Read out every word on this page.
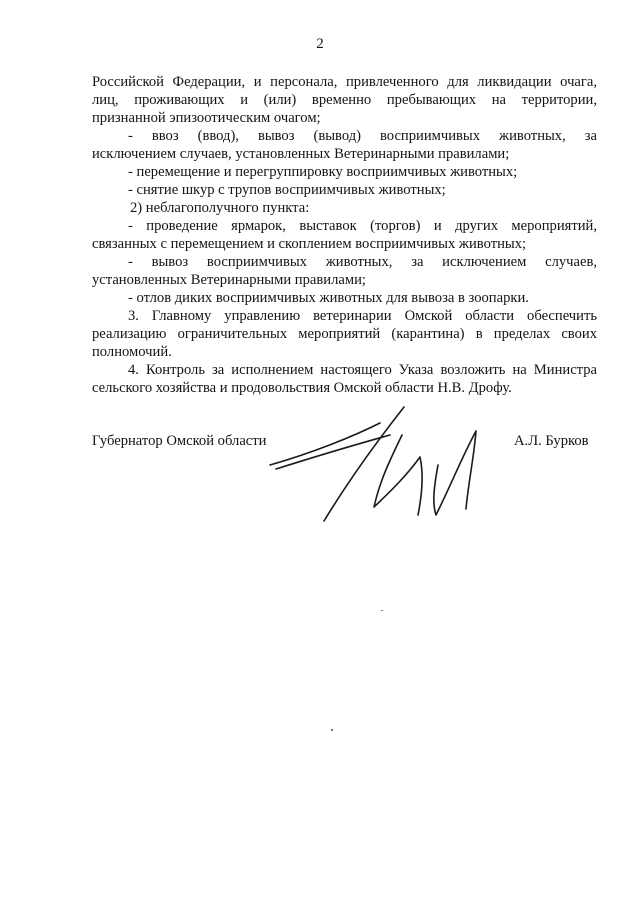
2
Российской Федерации, и персонала, привлеченного для ликвидации очага,
лиц, проживающих и (или) временно пребывающих на территории,
признанной эпизоотическим очагом;
- ввоз (ввод), вывоз (вывод) восприимчивых животных, за
исключением случаев, установленных Ветеринарными правилами;
- перемещение и перегруппировку восприимчивых животных;
- снятие шкур с трупов восприимчивых животных;
2) неблагополучного пункта:
- проведение ярмарок, выставок (торгов) и других мероприятий,
связанных с перемещением и скоплением восприимчивых животных;
- вывоз восприимчивых животных, за исключением случаев,
установленных Ветеринарными правилами;
- отлов диких восприимчивых животных для вывоза в зоопарки.
3. Главному управлению ветеринарии Омской области обеспечить
реализацию ограничительных мероприятий (карантина) в пределах своих
полномочий.
4. Контроль за исполнением настоящего Указа возложить на Министра
сельского хозяйства и продовольствия Омской области Н.В. Дрофу.
Губернатор Омской области	А.Л. Бурков
